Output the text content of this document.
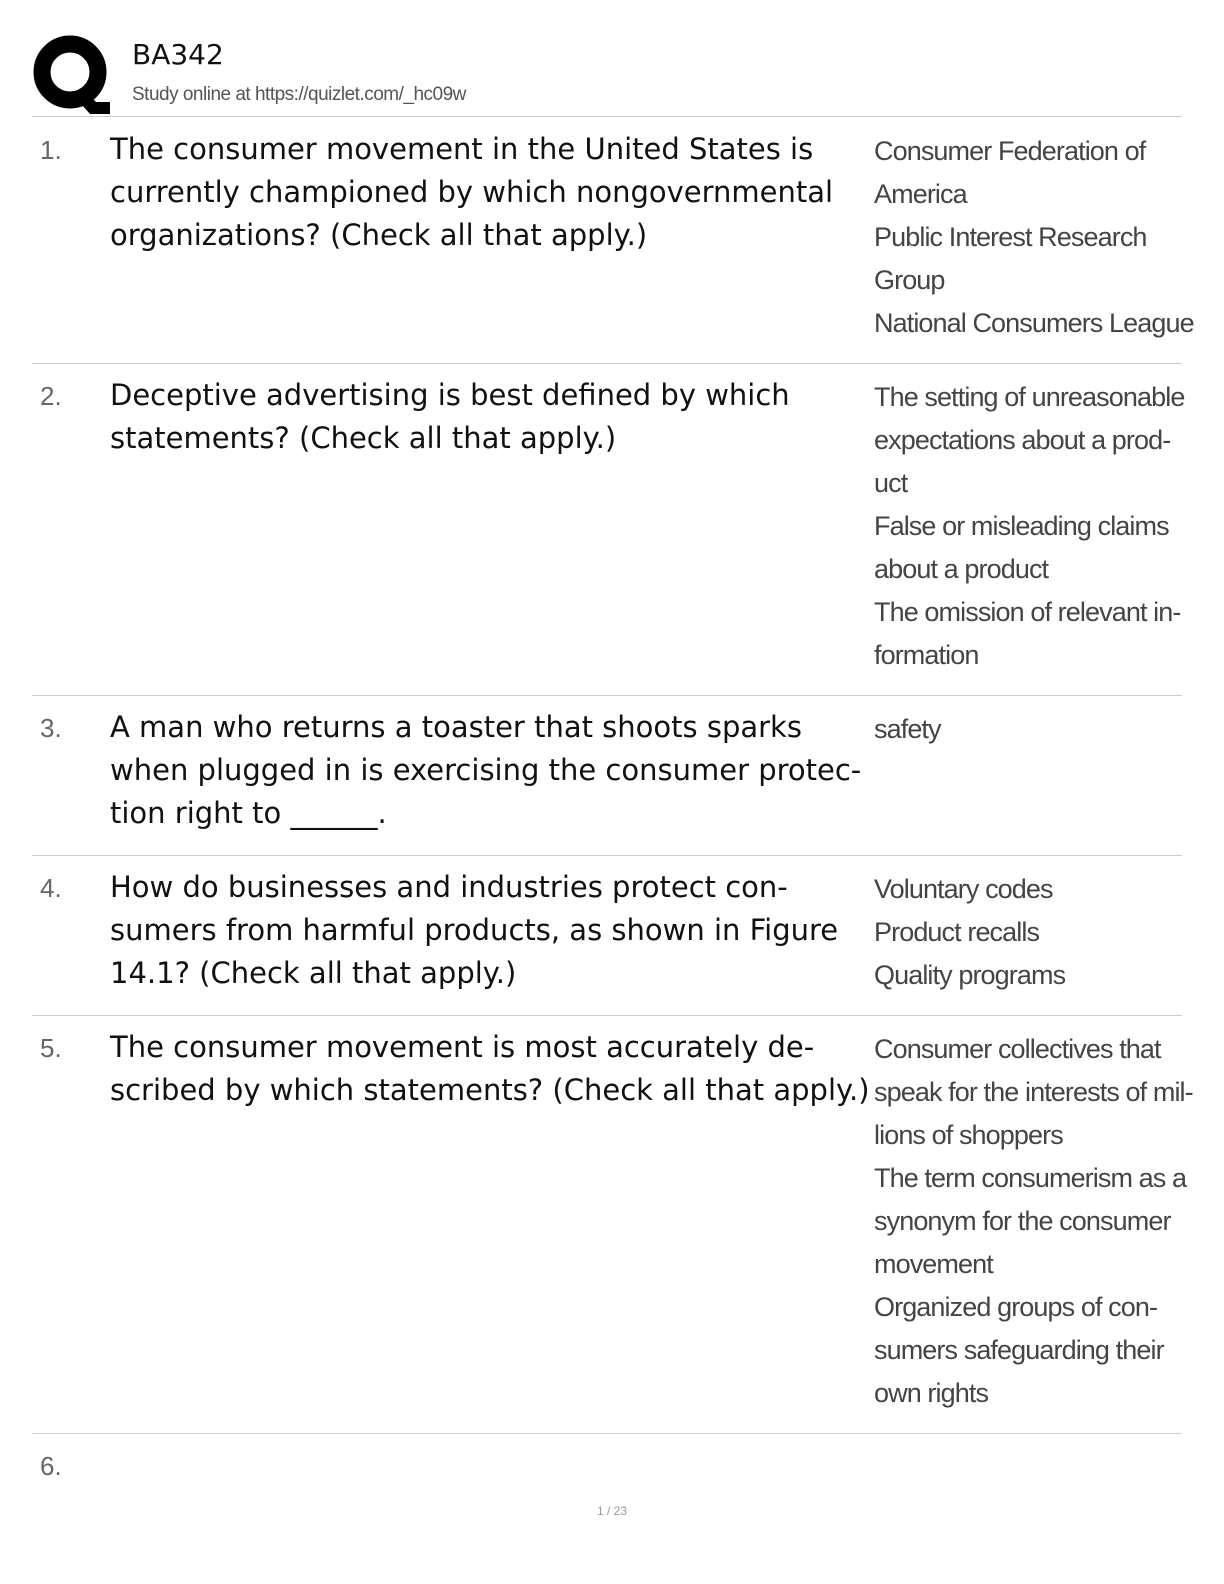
BA342
Study online at https://quizlet.com/_hc09w
1. The consumer movement in the United States is
currently championed by which nongovernmental
organizations? (Check all that apply.)
Consumer Federation of
America
Public Interest Research
Group
National Consumers League
2. Deceptive advertising is best defined by which
statements? (Check all that apply.)
The setting of unreasonable
expectations about a prod-
uct
False or misleading claims
about a product
The omission of relevant in-
formation
3. A man who returns a toaster that shoots sparks
when plugged in is exercising the consumer protec-
tion right to ______.
safety
4. How do businesses and industries protect con-
sumers from harmful products, as shown in Figure
14.1? (Check all that apply.)
Voluntary codes
Product recalls
Quality programs
5. The consumer movement is most accurately de-
scribed by which statements? (Check all that apply.)
Consumer collectives that
speak for the interests of mil-
lions of shoppers
The term consumerism as a
synonym for the consumer
movement
Organized groups of con-
sumers safeguarding their
own rights
6.
1 / 23
